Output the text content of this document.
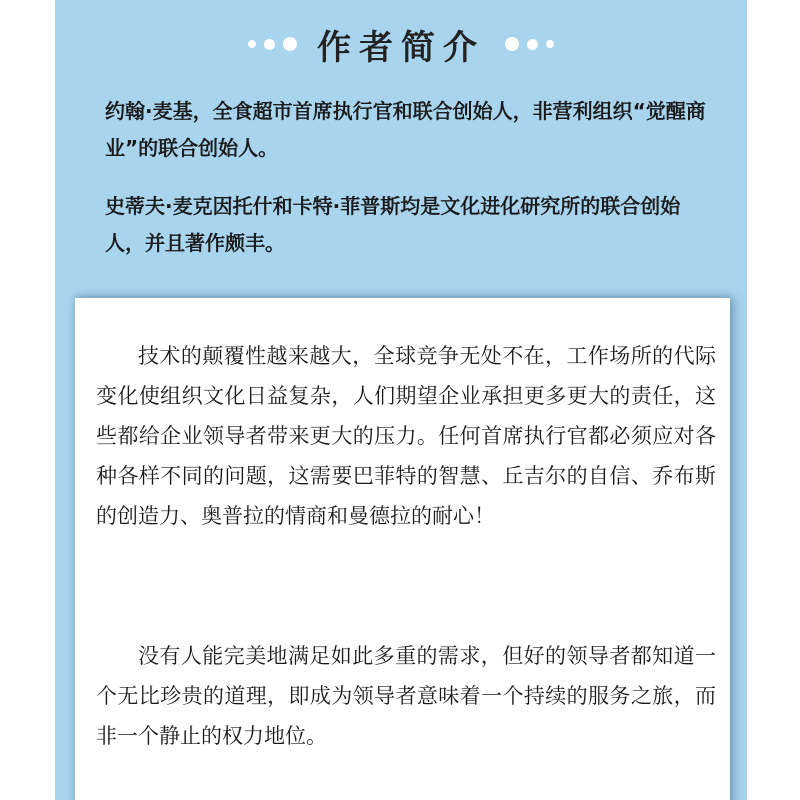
作者简介

约翰·麦基，全食超市首席执行官和联合创始人，非营利组织“觉醒商业”的联合创始人。

史蒂夫·麦克因托什和卡特·菲普斯均是文化进化研究所的联合创始人，并且著作颇丰。

技术的颠覆性越来越大，全球竞争无处不在，工作场所的代际变化使组织文化日益复杂，人们期望企业承担更多更大的责任，这些都给企业领导者带来更大的压力。任何首席执行官都必须应对各种各样不同的问题，这需要巴菲特的智慧、丘吉尔的自信、乔布斯的创造力、奥普拉的情商和曼德拉的耐心！

没有人能完美地满足如此多重的需求，但好的领导者都知道一个无比珍贵的道理，即成为领导者意味着一个持续的服务之旅，而非一个静止的权力地位。
